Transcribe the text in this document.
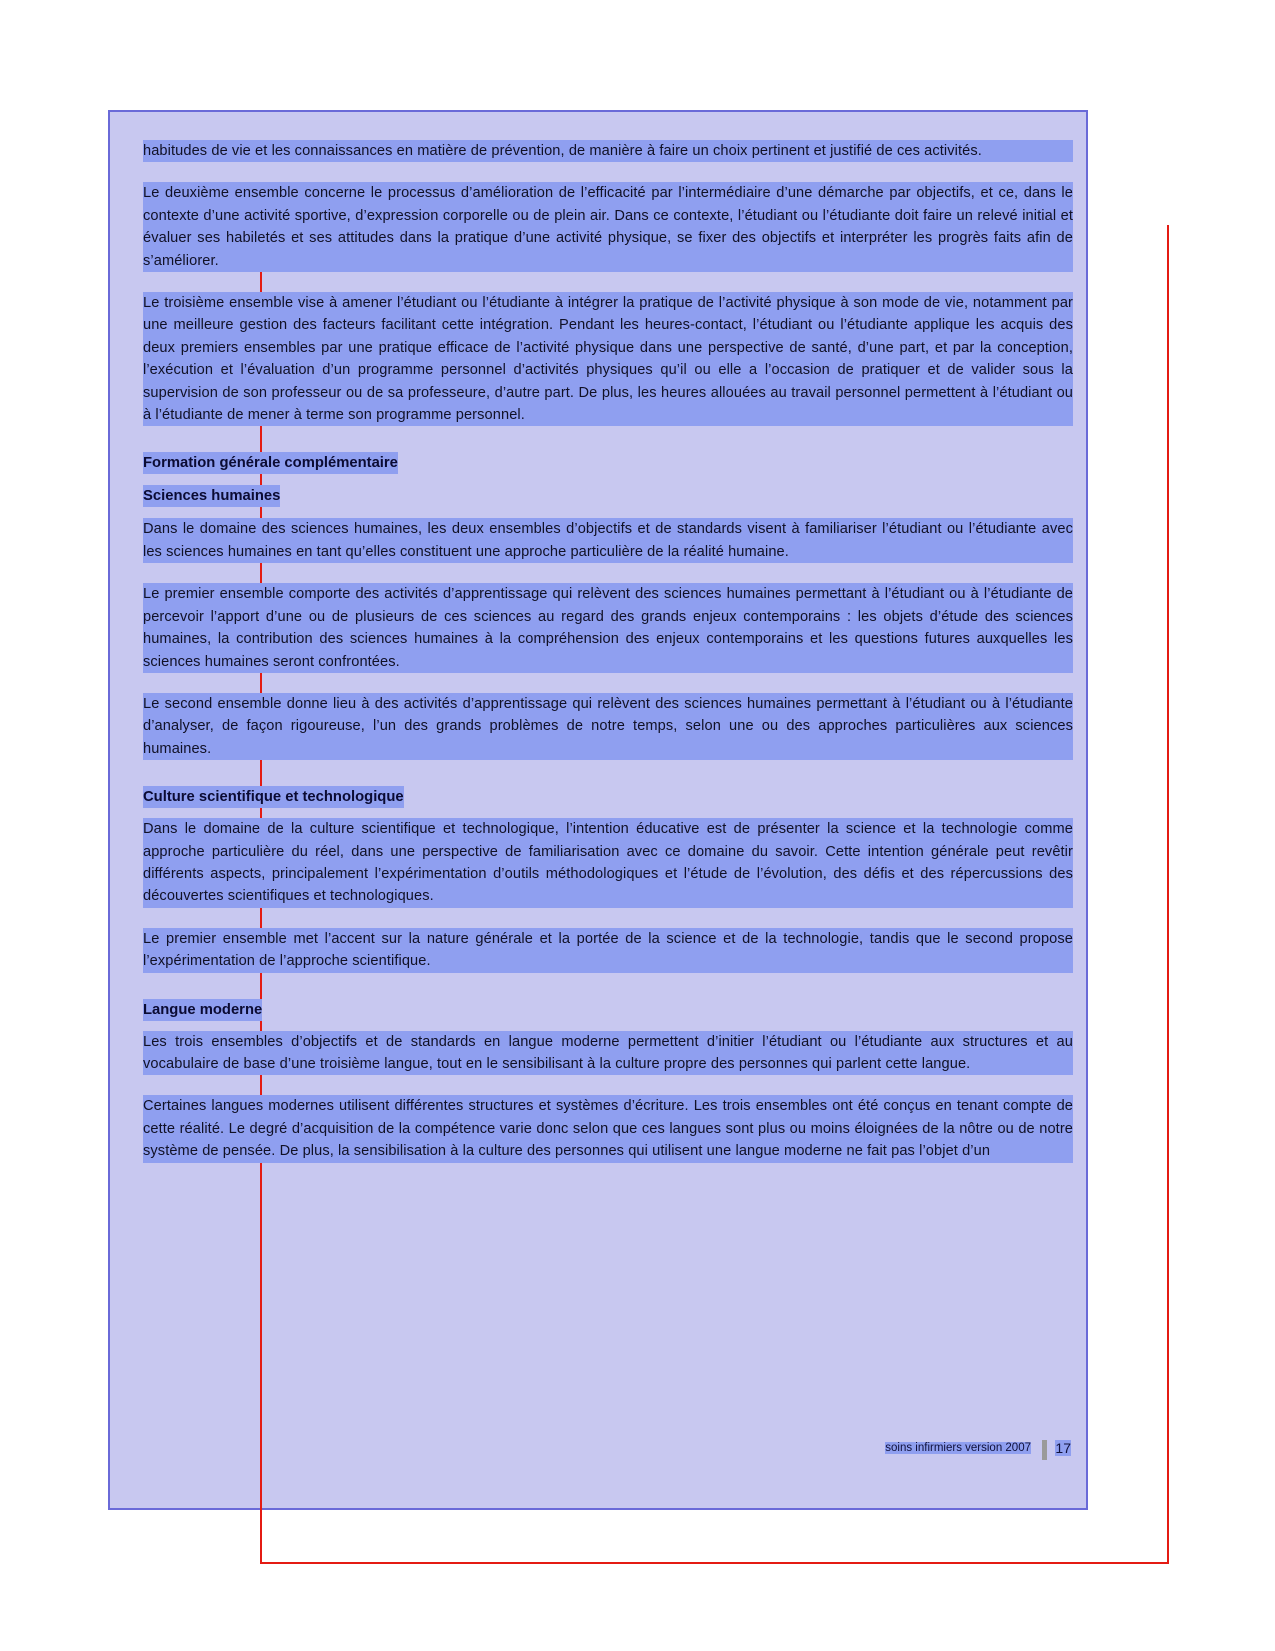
habitudes de vie et les connaissances en matière de prévention, de manière à faire un choix pertinent et justifié de ces activités.

Le deuxième ensemble concerne le processus d’amélioration de l’efficacité par l’intermédiaire d’une démarche par objectifs, et ce, dans le contexte d’une activité sportive, d’expression corporelle ou de plein air. Dans ce contexte, l’étudiant ou l’étudiante doit faire un relevé initial et évaluer ses habiletés et ses attitudes dans la pratique d’une activité physique, se fixer des objectifs et interpréter les progrès faits afin de s’améliorer.

Le troisième ensemble vise à amener l’étudiant ou l’étudiante à intégrer la pratique de l’activité physique à son mode de vie, notamment par une meilleure gestion des facteurs facilitant cette intégration. Pendant les heures-contact, l’étudiant ou l’étudiante applique les acquis des deux premiers ensembles par une pratique efficace de l’activité physique dans une perspective de santé, d’une part, et par la conception, l’exécution et l’évaluation d’un programme personnel d’activités physiques qu’il ou elle a l’occasion de pratiquer et de valider sous la supervision de son professeur ou de sa professeure, d’autre part. De plus, les heures allouées au travail personnel permettent à l’étudiant ou à l’étudiante de mener à terme son programme personnel.

Formation générale complémentaire
Sciences humaines

Dans le domaine des sciences humaines, les deux ensembles d’objectifs et de standards visent à familiariser l’étudiant ou l’étudiante avec les sciences humaines en tant qu’elles constituent une approche particulière de la réalité humaine.

Le premier ensemble comporte des activités d’apprentissage qui relèvent des sciences humaines permettant à l’étudiant ou à l’étudiante de percevoir l’apport d’une ou de plusieurs de ces sciences au regard des grands enjeux contemporains : les objets d’étude des sciences humaines, la contribution des sciences humaines à la compréhension des enjeux contemporains et les questions futures auxquelles les sciences humaines seront confrontées.

Le second ensemble donne lieu à des activités d’apprentissage qui relèvent des sciences humaines permettant à l’étudiant ou à l’étudiante d’analyser, de façon rigoureuse, l’un des grands problèmes de notre temps, selon une ou des approches particulières aux sciences humaines.

Culture scientifique et technologique

Dans le domaine de la culture scientifique et technologique, l’intention éducative est de présenter la science et la technologie comme approche particulière du réel, dans une perspective de familiarisation avec ce domaine du savoir. Cette intention générale peut revêtir différents aspects, principalement l’expérimentation d’outils méthodologiques et l’étude de l’évolution, des défis et des répercussions des découvertes scientifiques et technologiques.

Le premier ensemble met l’accent sur la nature générale et la portée de la science et de la technologie, tandis que le second propose l’expérimentation de l’approche scientifique.

Langue moderne

Les trois ensembles d’objectifs et de standards en langue moderne permettent d’initier l’étudiant ou l’étudiante aux structures et au vocabulaire de base d’une troisième langue, tout en le sensibilisant à la culture propre des personnes qui parlent cette langue.

Certaines langues modernes utilisent différentes structures et systèmes d’écriture. Les trois ensembles ont été conçus en tenant compte de cette réalité. Le degré d’acquisition de la compétence varie donc selon que ces langues sont plus ou moins éloignées de la nôtre ou de notre système de pensée. De plus, la sensibilisation à la culture des personnes qui utilisent une langue moderne ne fait pas l’objet d’un

soins infirmiers version 2007 17
